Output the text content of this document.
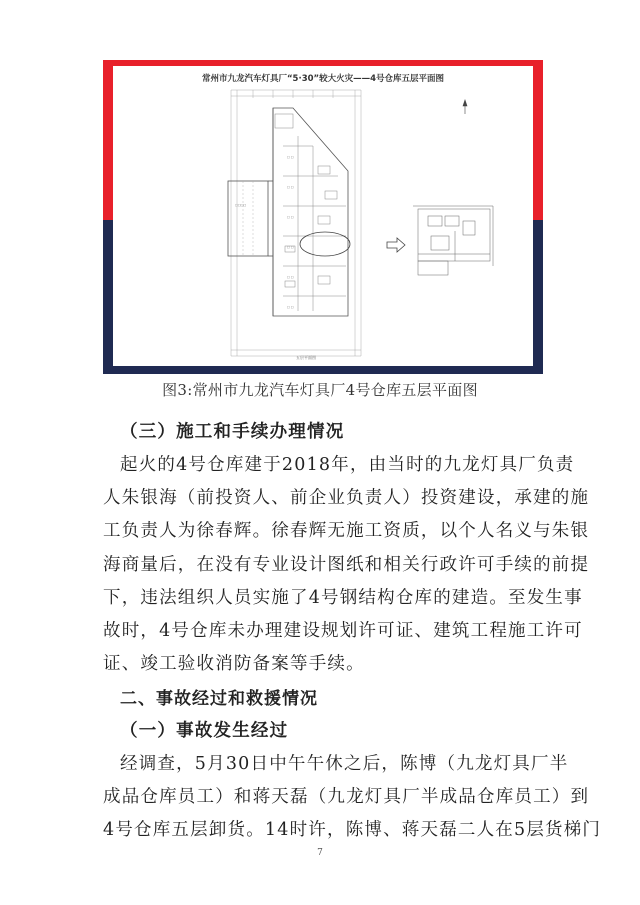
□ □
□ □
□ □
□ □
□ □
□ □
□□□□
常州市九龙汽车灯具厂“5·30”较大火灾——4号仓库五层平面图
五层平面图
图3:常州市九龙汽车灯具厂4号仓库五层平面图
（三）施工和手续办理情况
起火的4号仓库建于2018年，由当时的九龙灯具厂负责
人朱银海（前投资人、前企业负责人）投资建设，承建的施
工负责人为徐春辉。徐春辉无施工资质，以个人名义与朱银
海商量后，在没有专业设计图纸和相关行政许可手续的前提
下，违法组织人员实施了4号钢结构仓库的建造。至发生事
故时，4号仓库未办理建设规划许可证、建筑工程施工许可
证、竣工验收消防备案等手续。
二、事故经过和救援情况
（一）事故发生经过
经调查，5月30日中午午休之后，陈博（九龙灯具厂半
成品仓库员工）和蒋天磊（九龙灯具厂半成品仓库员工）到
4号仓库五层卸货。14时许，陈博、蒋天磊二人在5层货梯门
7
